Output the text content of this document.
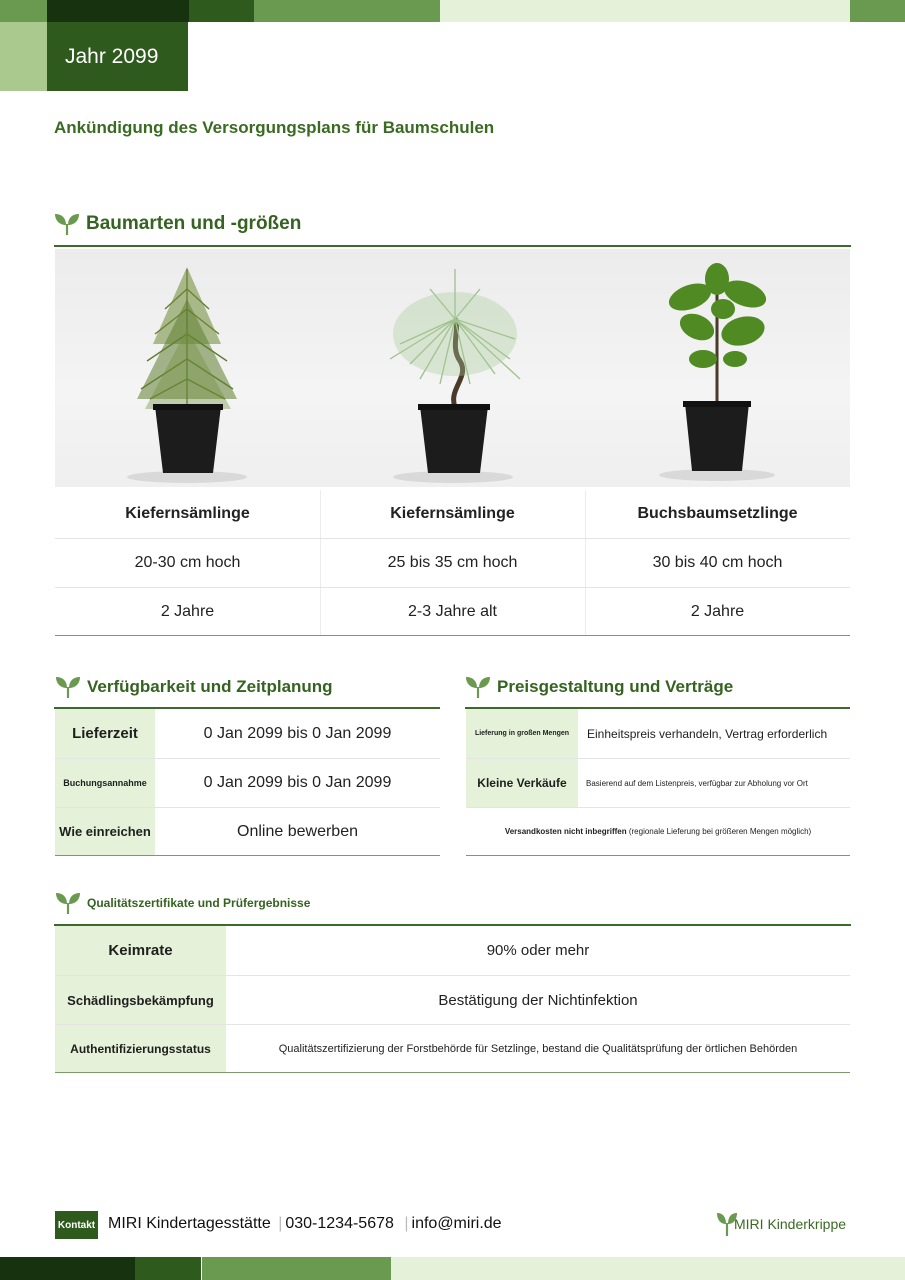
Jahr 2099
Ankündigung des Versorgungsplans für Baumschulen
Baumarten und -größen
Kiefernsämlinge	Kiefernsämlinge	Buchsbaumsetzlinge
20-30 cm hoch	25 bis 35 cm hoch	30 bis 40 cm hoch
2 Jahre	2-3 Jahre alt	2 Jahre
Verfügbarkeit und Zeitplanung
Lieferzeit	0 Jan 2099 bis 0 Jan 2099
Buchungsannahme	0 Jan 2099 bis 0 Jan 2099
Wie einreichen	Online bewerben
Preisgestaltung und Verträge
Lieferung in großen Mengen	Einheitspreis verhandeln, Vertrag erforderlich
Kleine Verkäufe	Basierend auf dem Listenpreis, verfügbar zur Abholung vor Ort
Versandkosten nicht inbegriffen (regionale Lieferung bei größeren Mengen möglich)
Qualitätszertifikate und Prüfergebnisse
Keimrate	90% oder mehr
Schädlingsbekämpfung	Bestätigung der Nichtinfektion
Authentifizierungsstatus	Qualitätszertifizierung der Forstbehörde für Setzlinge, bestand die Qualitätsprüfung der örtlichen Behörden
Kontakt MIRI Kindertagesstätte | 030-1234-5678 | info@miri.de	MIRI Kinderkrippe
